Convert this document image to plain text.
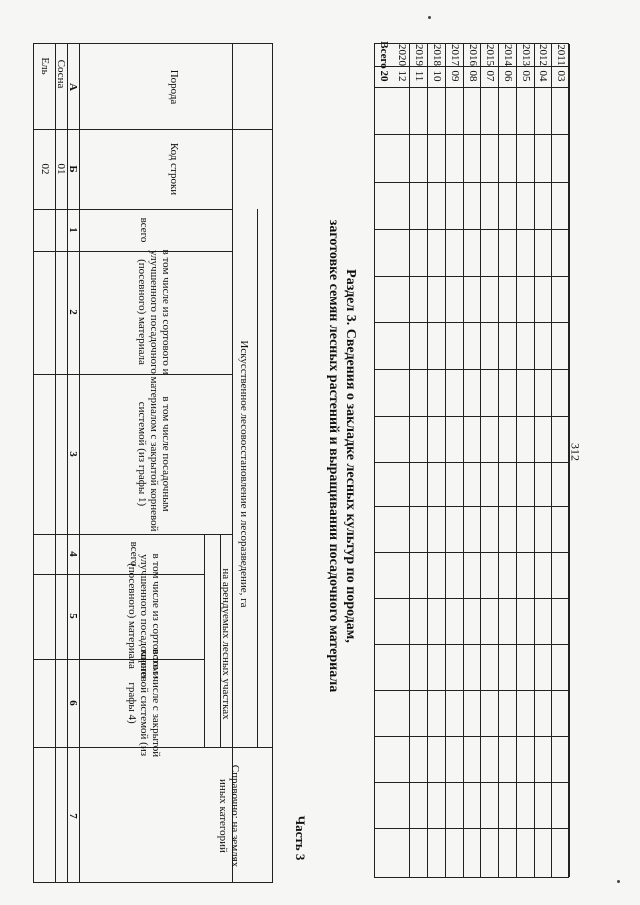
312
Раздел 3. Сведения о закладке лесных культур по породам,
заготовке семян лесных растений и выращивании посадочного материала
Часть 3
2011
03
2012
04
2013
05
2014
06
2015
07
2016
08
2017
09
2018
10
2019
11
2020
12
Всего
20
Порода
Код строки
Искусственное лесовосстановление и лесоразведение, га
на арендуемых лесных участках
всего
в том числе из сортового и улучшенного посадочного (посевного) материала
в том числе посадочным материалом с закрытой корневой системой (из графы 1)
всего в том числе из сортового и улучшенного посадочного (посевного) материала
в том числе с закрытой корневой системой (из графы 4)
Справочно: на землях иных категорий
А
Б
1
2
3
4
5
6
7
Сосна
01
Ель
02
